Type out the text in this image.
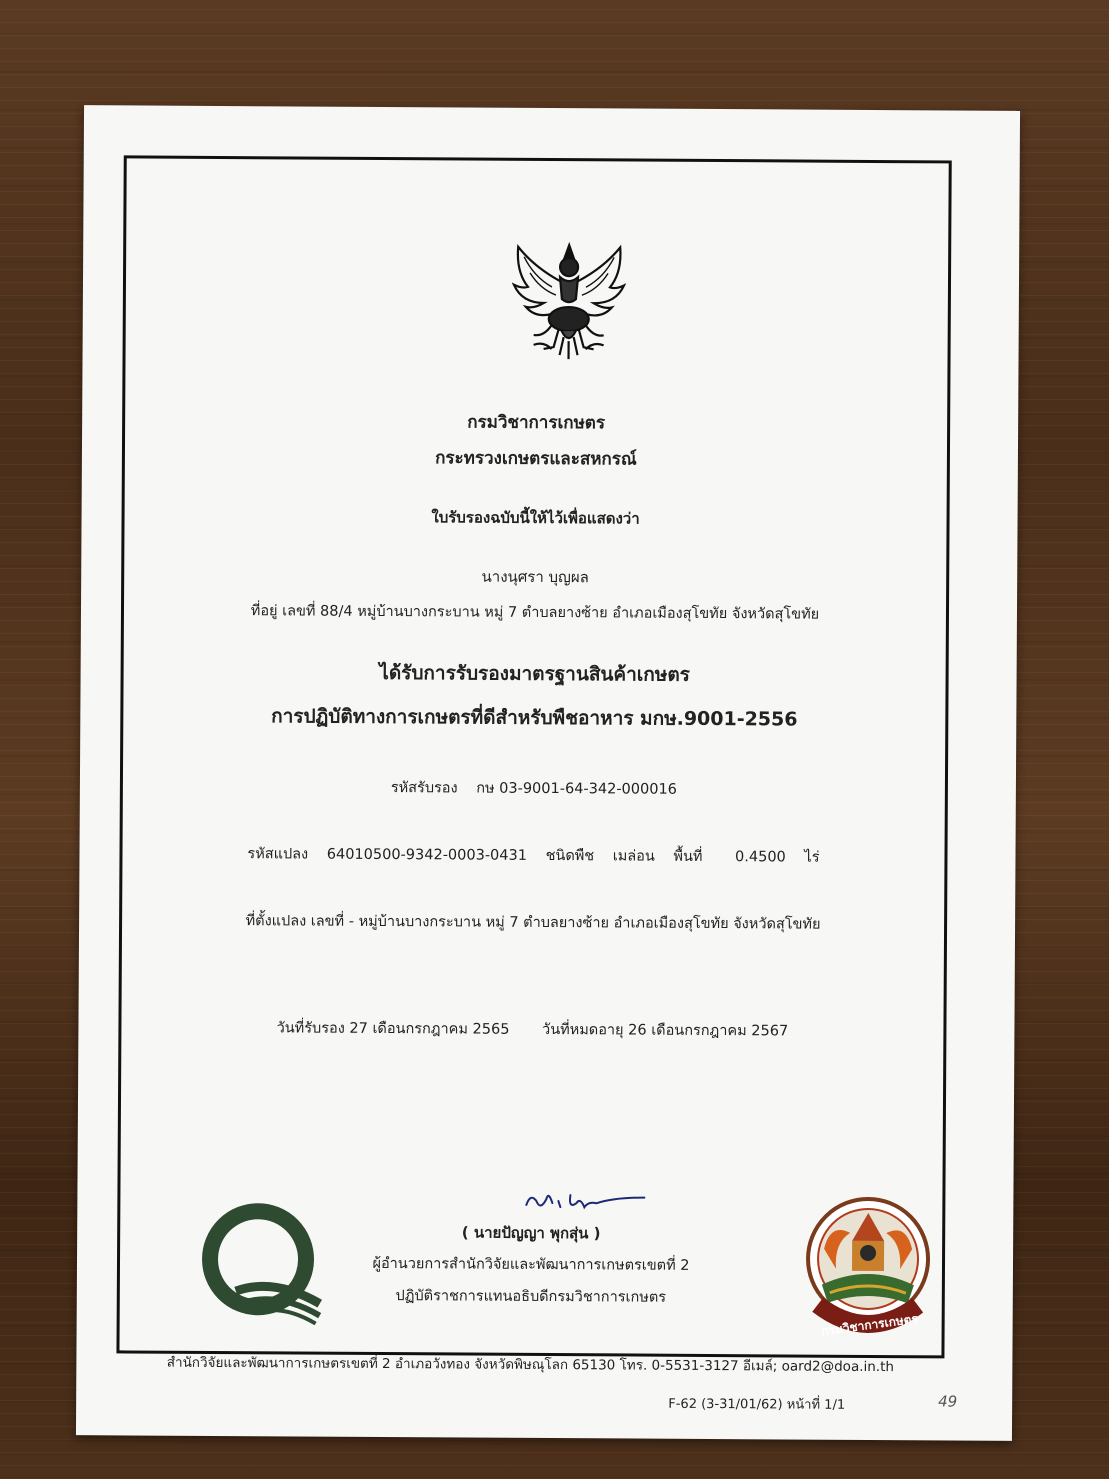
กรมวิชาการเกษตร
กระทรวงเกษตรและสหกรณ์
ใบรับรองฉบับนี้ให้ไว้เพื่อแสดงว่า
นางนุศรา บุญผล
ที่อยู่ เลขที่ 88/4 หมู่บ้านบางกระบาน หมู่ 7 ตำบลยางซ้าย อำเภอเมืองสุโขทัย จังหวัดสุโขทัย
ได้รับการรับรองมาตรฐานสินค้าเกษตร
การปฏิบัติทางการเกษตรที่ดีสำหรับพืชอาหาร มกษ.9001-2556
รหัสรับรอง กษ 03-9001-64-342-000016
รหัสแปลง 64010500-9342-0003-0431 ชนิดพืช เมล่อน พื้นที่ 0.4500 ไร่
ที่ตั้งแปลง เลขที่ - หมู่บ้านบางกระบาน หมู่ 7 ตำบลยางซ้าย อำเภอเมืองสุโขทัย จังหวัดสุโขทัย
วันที่รับรอง 27 เดือนกรกฎาคม 2565 วันที่หมดอายุ 26 เดือนกรกฎาคม 2567
( นายปัญญา พุกสุ่น )
ผู้อำนวยการสำนักวิจัยและพัฒนาการเกษตรเขตที่ 2
ปฏิบัติราชการแทนอธิบดีกรมวิชาการเกษตร
กรมวิชาการเกษตร
สำนักวิจัยและพัฒนาการเกษตรเขตที่ 2 อำเภอวังทอง จังหวัดพิษณุโลก 65130 โทร. 0-5531-3127 อีเมล์; oard2@doa.in.th
F-62 (3-31/01/62) หน้าที่ 1/1	49
